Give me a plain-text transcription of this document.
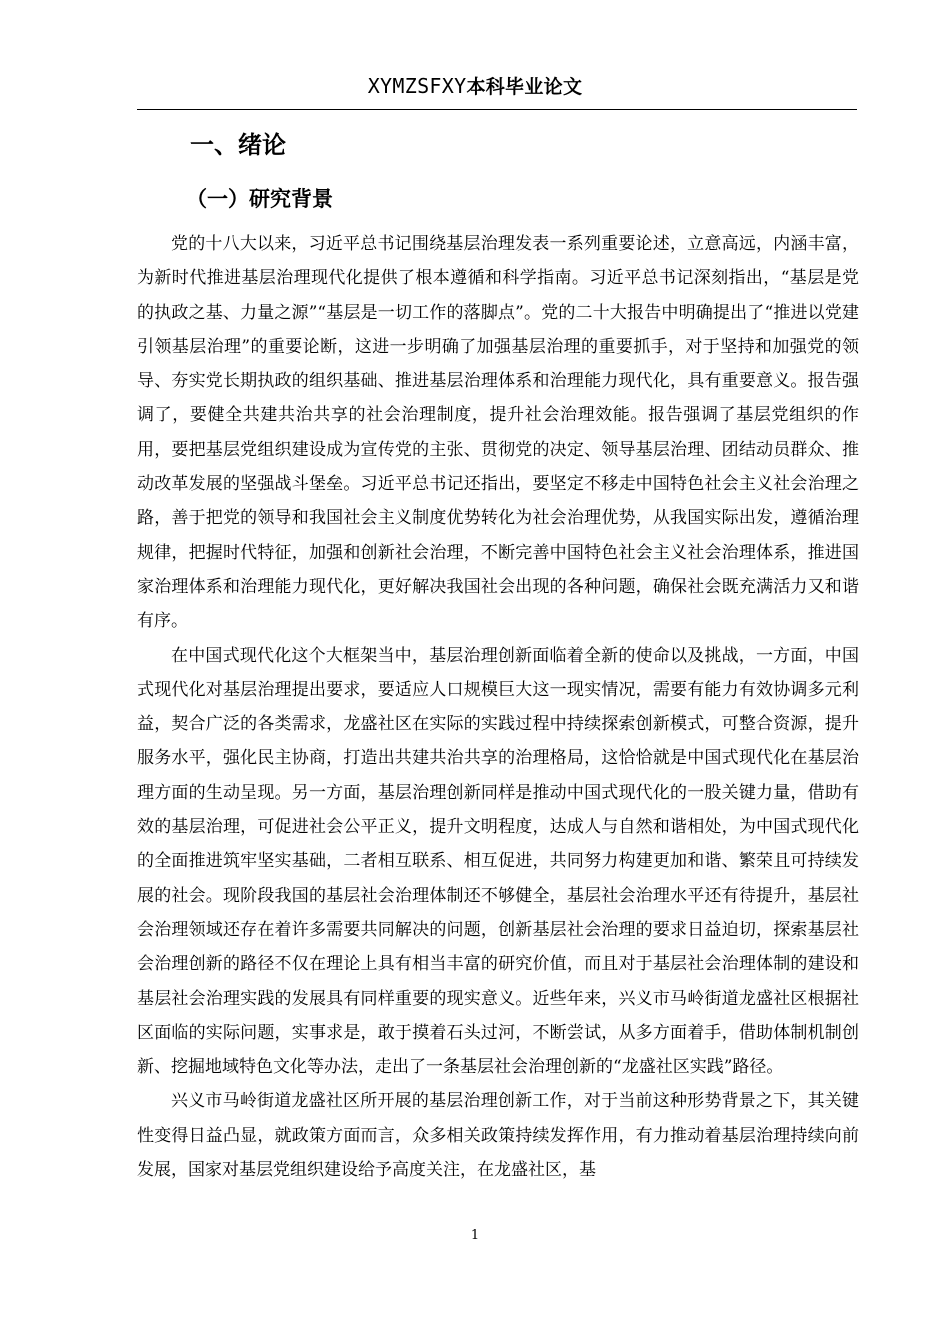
XYMZSFXY本科毕业论文
一、绪论
（一）研究背景

党的十八大以来，习近平总书记围绕基层治理发表一系列重要论述，立意高远，内涵丰富，为新时代推进基层治理现代化提供了根本遵循和科学指南。习近平总书记深刻指出，“基层是党的执政之基、力量之源”“基层是一切工作的落脚点”。党的二十大报告中明确提出了“推进以党建引领基层治理”的重要论断，这进一步明确了加强基层治理的重要抓手，对于坚持和加强党的领导、夯实党长期执政的组织基础、推进基层治理体系和治理能力现代化，具有重要意义。报告强调了，要健全共建共治共享的社会治理制度，提升社会治理效能。报告强调了基层党组织的作用，要把基层党组织建设成为宣传党的主张、贯彻党的决定、领导基层治理、团结动员群众、推动改革发展的坚强战斗堡垒。习近平总书记还指出，要坚定不移走中国特色社会主义社会治理之路，善于把党的领导和我国社会主义制度优势转化为社会治理优势，从我国实际出发，遵循治理规律，把握时代特征，加强和创新社会治理，不断完善中国特色社会主义社会治理体系，推进国家治理体系和治理能力现代化，更好解决我国社会出现的各种问题，确保社会既充满活力又和谐有序。

在中国式现代化这个大框架当中，基层治理创新面临着全新的使命以及挑战，一方面，中国式现代化对基层治理提出要求，要适应人口规模巨大这一现实情况，需要有能力有效协调多元利益，契合广泛的各类需求，龙盛社区在实际的实践过程中持续探索创新模式，可整合资源，提升服务水平，强化民主协商，打造出共建共治共享的治理格局，这恰恰就是中国式现代化在基层治理方面的生动呈现。另一方面，基层治理创新同样是推动中国式现代化的一股关键力量，借助有效的基层治理，可促进社会公平正义，提升文明程度，达成人与自然和谐相处，为中国式现代化的全面推进筑牢坚实基础，二者相互联系、相互促进，共同努力构建更加和谐、繁荣且可持续发展的社会。现阶段我国的基层社会治理体制还不够健全，基层社会治理水平还有待提升，基层社会治理领域还存在着许多需要共同解决的问题，创新基层社会治理的要求日益迫切，探索基层社会治理创新的路径不仅在理论上具有相当丰富的研究价值，而且对于基层社会治理体制的建设和基层社会治理实践的发展具有同样重要的现实意义。近些年来，兴义市马岭街道龙盛社区根据社区面临的实际问题，实事求是，敢于摸着石头过河，不断尝试，从多方面着手，借助体制机制创新、挖掘地域特色文化等办法，走出了一条基层社会治理创新的“龙盛社区实践”路径。

兴义市马岭街道龙盛社区所开展的基层治理创新工作，对于当前这种形势背景之下，其关键性变得日益凸显，就政策方面而言，众多相关政策持续发挥作用，有力推动着基层治理持续向前发展，国家对基层党组织建设给予高度关注，在龙盛社区，基

1
